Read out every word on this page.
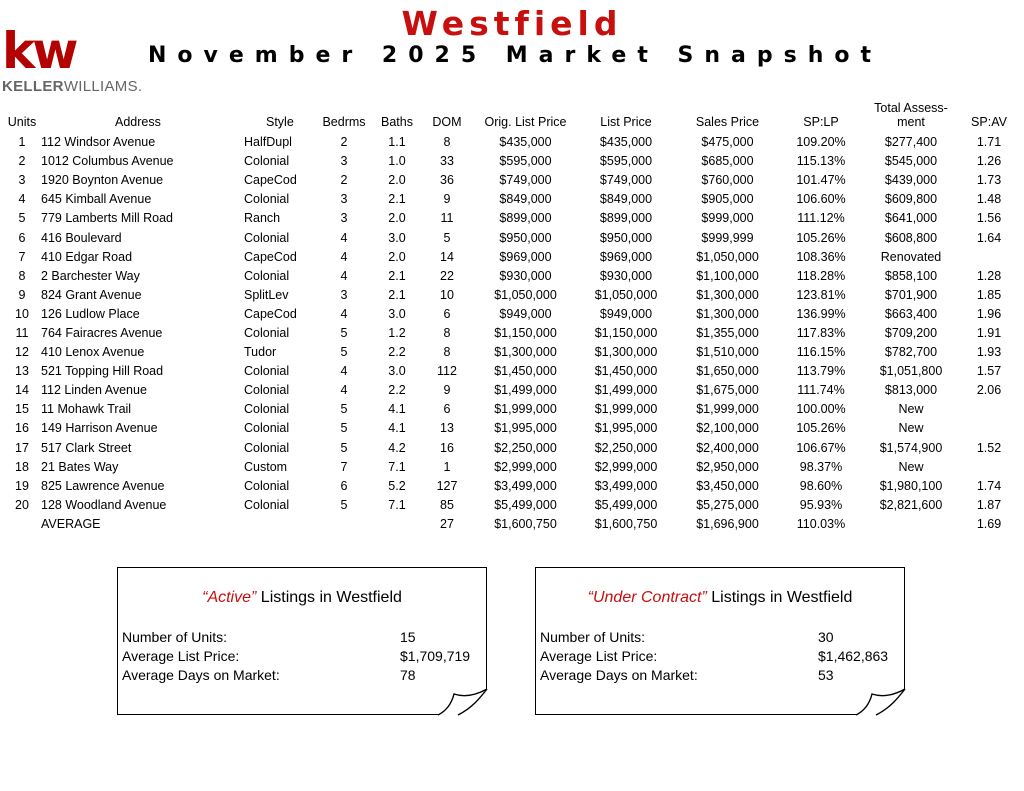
kw
KELLERWILLIAMS.
Westfield
November 2025 Market Snapshot
Units	Address	Style	Bedrms	Baths	DOM	Orig. List Price	List Price	Sales Price	SP:LP	Total Assess-ment	SP:AV
1	112 Windsor Avenue	HalfDupl	2	1.1	8	$435,000	$435,000	$475,000	109.20%	$277,400	1.71
2	1012 Columbus Avenue	Colonial	3	1.0	33	$595,000	$595,000	$685,000	115.13%	$545,000	1.26
3	1920 Boynton Avenue	CapeCod	2	2.0	36	$749,000	$749,000	$760,000	101.47%	$439,000	1.73
4	645 Kimball Avenue	Colonial	3	2.1	9	$849,000	$849,000	$905,000	106.60%	$609,800	1.48
5	779 Lamberts Mill Road	Ranch	3	2.0	11	$899,000	$899,000	$999,000	111.12%	$641,000	1.56
6	416 Boulevard	Colonial	4	3.0	5	$950,000	$950,000	$999,999	105.26%	$608,800	1.64
7	410 Edgar Road	CapeCod	4	2.0	14	$969,000	$969,000	$1,050,000	108.36%	Renovated	
8	2 Barchester Way	Colonial	4	2.1	22	$930,000	$930,000	$1,100,000	118.28%	$858,100	1.28
9	824 Grant Avenue	SplitLev	3	2.1	10	$1,050,000	$1,050,000	$1,300,000	123.81%	$701,900	1.85
10	126 Ludlow Place	CapeCod	4	3.0	6	$949,000	$949,000	$1,300,000	136.99%	$663,400	1.96
11	764 Fairacres Avenue	Colonial	5	1.2	8	$1,150,000	$1,150,000	$1,355,000	117.83%	$709,200	1.91
12	410 Lenox Avenue	Tudor	5	2.2	8	$1,300,000	$1,300,000	$1,510,000	116.15%	$782,700	1.93
13	521 Topping Hill Road	Colonial	4	3.0	112	$1,450,000	$1,450,000	$1,650,000	113.79%	$1,051,800	1.57
14	112 Linden Avenue	Colonial	4	2.2	9	$1,499,000	$1,499,000	$1,675,000	111.74%	$813,000	2.06
15	11 Mohawk Trail	Colonial	5	4.1	6	$1,999,000	$1,999,000	$1,999,000	100.00%	New	
16	149 Harrison Avenue	Colonial	5	4.1	13	$1,995,000	$1,995,000	$2,100,000	105.26%	New	
17	517 Clark Street	Colonial	5	4.2	16	$2,250,000	$2,250,000	$2,400,000	106.67%	$1,574,900	1.52
18	21 Bates Way	Custom	7	7.1	1	$2,999,000	$2,999,000	$2,950,000	98.37%	New	
19	825 Lawrence Avenue	Colonial	6	5.2	127	$3,499,000	$3,499,000	$3,450,000	98.60%	$1,980,100	1.74
20	128 Woodland Avenue	Colonial	5	7.1	85	$5,499,000	$5,499,000	$5,275,000	95.93%	$2,821,600	1.87
	AVERAGE				27	$1,600,750	$1,600,750	$1,696,900	110.03%		1.69
“Active” Listings in Westfield
Number of Units:	15
Average List Price:	$1,709,719
Average Days on Market:	78
“Under Contract” Listings in Westfield
Number of Units:	30
Average List Price:	$1,462,863
Average Days on Market:	53
